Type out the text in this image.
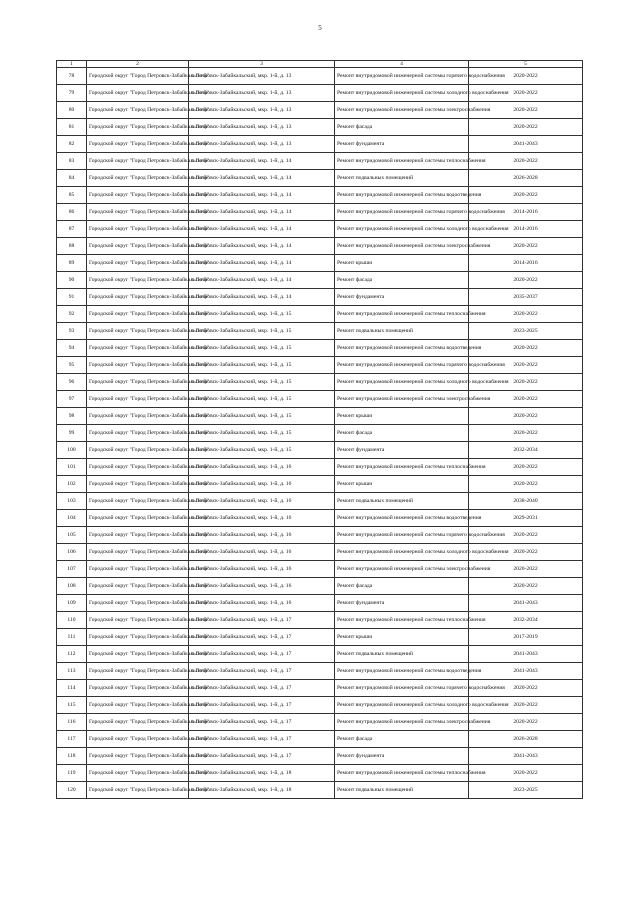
5
1	2	3	4	5
78	Городской округ "Город Петровск-Забайкальский"	г. Петровск-Забайкальский, мкр. 1-й, д. 13	Ремонт внутридомовой инженерной системы горячего водоснабжения	2020-2022
79	Городской округ "Город Петровск-Забайкальский"	г. Петровск-Забайкальский, мкр. 1-й, д. 13	Ремонт внутридомовой инженерной системы холодного водоснабжения	2020-2022
80	Городской округ "Город Петровск-Забайкальский"	г. Петровск-Забайкальский, мкр. 1-й, д. 13	Ремонт внутридомовой инженерной системы электроснабжения	2020-2022
81	Городской округ "Город Петровск-Забайкальский"	г. Петровск-Забайкальский, мкр. 1-й, д. 13	Ремонт фасада	2020-2022
82	Городской округ "Город Петровск-Забайкальский"	г. Петровск-Забайкальский, мкр. 1-й, д. 13	Ремонт фундамента	2041-2043
83	Городской округ "Город Петровск-Забайкальский"	г. Петровск-Забайкальский, мкр. 1-й, д. 14	Ремонт внутридомовой инженерной системы теплоснабжения	2020-2022
84	Городской округ "Город Петровск-Забайкальский"	г. Петровск-Забайкальский, мкр. 1-й, д. 14	Ремонт подвальных помещений	2026-2028
85	Городской округ "Город Петровск-Забайкальский"	г. Петровск-Забайкальский, мкр. 1-й, д. 14	Ремонт внутридомовой инженерной системы водоотведения	2020-2022
86	Городской округ "Город Петровск-Забайкальский"	г. Петровск-Забайкальский, мкр. 1-й, д. 14	Ремонт внутридомовой инженерной системы горячего водоснабжения	2014-2016
87	Городской округ "Город Петровск-Забайкальский"	г. Петровск-Забайкальский, мкр. 1-й, д. 14	Ремонт внутридомовой инженерной системы холодного водоснабжения	2014-2016
88	Городской округ "Город Петровск-Забайкальский"	г. Петровск-Забайкальский, мкр. 1-й, д. 14	Ремонт внутридомовой инженерной системы электроснабжения	2020-2022
89	Городской округ "Город Петровск-Забайкальский"	г. Петровск-Забайкальский, мкр. 1-й, д. 14	Ремонт крыши	2014-2016
90	Городской округ "Город Петровск-Забайкальский"	г. Петровск-Забайкальский, мкр. 1-й, д. 14	Ремонт фасада	2020-2022
91	Городской округ "Город Петровск-Забайкальский"	г. Петровск-Забайкальский, мкр. 1-й, д. 14	Ремонт фундамента	2035-2037
92	Городской округ "Город Петровск-Забайкальский"	г. Петровск-Забайкальский, мкр. 1-й, д. 15	Ремонт внутридомовой инженерной системы теплоснабжения	2020-2022
93	Городской округ "Город Петровск-Забайкальский"	г. Петровск-Забайкальский, мкр. 1-й, д. 15	Ремонт подвальных помещений	2023-2025
94	Городской округ "Город Петровск-Забайкальский"	г. Петровск-Забайкальский, мкр. 1-й, д. 15	Ремонт внутридомовой инженерной системы водоотведения	2020-2022
95	Городской округ "Город Петровск-Забайкальский"	г. Петровск-Забайкальский, мкр. 1-й, д. 15	Ремонт внутридомовой инженерной системы горячего водоснабжения	2020-2022
96	Городской округ "Город Петровск-Забайкальский"	г. Петровск-Забайкальский, мкр. 1-й, д. 15	Ремонт внутридомовой инженерной системы холодного водоснабжения	2020-2022
97	Городской округ "Город Петровск-Забайкальский"	г. Петровск-Забайкальский, мкр. 1-й, д. 15	Ремонт внутридомовой инженерной системы электроснабжения	2020-2022
98	Городской округ "Город Петровск-Забайкальский"	г. Петровск-Забайкальский, мкр. 1-й, д. 15	Ремонт крыши	2020-2022
99	Городской округ "Город Петровск-Забайкальский"	г. Петровск-Забайкальский, мкр. 1-й, д. 15	Ремонт фасада	2020-2022
100	Городской округ "Город Петровск-Забайкальский"	г. Петровск-Забайкальский, мкр. 1-й, д. 15	Ремонт фундамента	2032-2034
101	Городской округ "Город Петровск-Забайкальский"	г. Петровск-Забайкальский, мкр. 1-й, д. 16	Ремонт внутридомовой инженерной системы теплоснабжения	2020-2022
102	Городской округ "Город Петровск-Забайкальский"	г. Петровск-Забайкальский, мкр. 1-й, д. 16	Ремонт крыши	2020-2022
103	Городской округ "Город Петровск-Забайкальский"	г. Петровск-Забайкальский, мкр. 1-й, д. 16	Ремонт подвальных помещений	2038-2040
104	Городской округ "Город Петровск-Забайкальский"	г. Петровск-Забайкальский, мкр. 1-й, д. 16	Ремонт внутридомовой инженерной системы водоотведения	2029-2031
105	Городской округ "Город Петровск-Забайкальский"	г. Петровск-Забайкальский, мкр. 1-й, д. 16	Ремонт внутридомовой инженерной системы горячего водоснабжения	2020-2022
106	Городской округ "Город Петровск-Забайкальский"	г. Петровск-Забайкальский, мкр. 1-й, д. 16	Ремонт внутридомовой инженерной системы холодного водоснабжения	2020-2022
107	Городской округ "Город Петровск-Забайкальский"	г. Петровск-Забайкальский, мкр. 1-й, д. 16	Ремонт внутридомовой инженерной системы электроснабжения	2020-2022
108	Городской округ "Город Петровск-Забайкальский"	г. Петровск-Забайкальский, мкр. 1-й, д. 16	Ремонт фасада	2020-2022
109	Городской округ "Город Петровск-Забайкальский"	г. Петровск-Забайкальский, мкр. 1-й, д. 16	Ремонт фундамента	2041-2043
110	Городской округ "Город Петровск-Забайкальский"	г. Петровск-Забайкальский, мкр. 1-й, д. 17	Ремонт внутридомовой инженерной системы теплоснабжения	2032-2034
111	Городской округ "Город Петровск-Забайкальский"	г. Петровск-Забайкальский, мкр. 1-й, д. 17	Ремонт крыши	2017-2019
112	Городской округ "Город Петровск-Забайкальский"	г. Петровск-Забайкальский, мкр. 1-й, д. 17	Ремонт подвальных помещений	2041-2043
113	Городской округ "Город Петровск-Забайкальский"	г. Петровск-Забайкальский, мкр. 1-й, д. 17	Ремонт внутридомовой инженерной системы водоотведения	2041-2043
114	Городской округ "Город Петровск-Забайкальский"	г. Петровск-Забайкальский, мкр. 1-й, д. 17	Ремонт внутридомовой инженерной системы горячего водоснабжения	2020-2022
115	Городской округ "Город Петровск-Забайкальский"	г. Петровск-Забайкальский, мкр. 1-й, д. 17	Ремонт внутридомовой инженерной системы холодного водоснабжения	2020-2022
116	Городской округ "Город Петровск-Забайкальский"	г. Петровск-Забайкальский, мкр. 1-й, д. 17	Ремонт внутридомовой инженерной системы электроснабжения	2020-2022
117	Городской округ "Город Петровск-Забайкальский"	г. Петровск-Забайкальский, мкр. 1-й, д. 17	Ремонт фасада	2026-2028
118	Городской округ "Город Петровск-Забайкальский"	г. Петровск-Забайкальский, мкр. 1-й, д. 17	Ремонт фундамента	2041-2043
119	Городской округ "Город Петровск-Забайкальский"	г. Петровск-Забайкальский, мкр. 1-й, д. 18	Ремонт внутридомовой инженерной системы теплоснабжения	2020-2022
120	Городской округ "Город Петровск-Забайкальский"	г. Петровск-Забайкальский, мкр. 1-й, д. 18	Ремонт подвальных помещений	2023-2025
